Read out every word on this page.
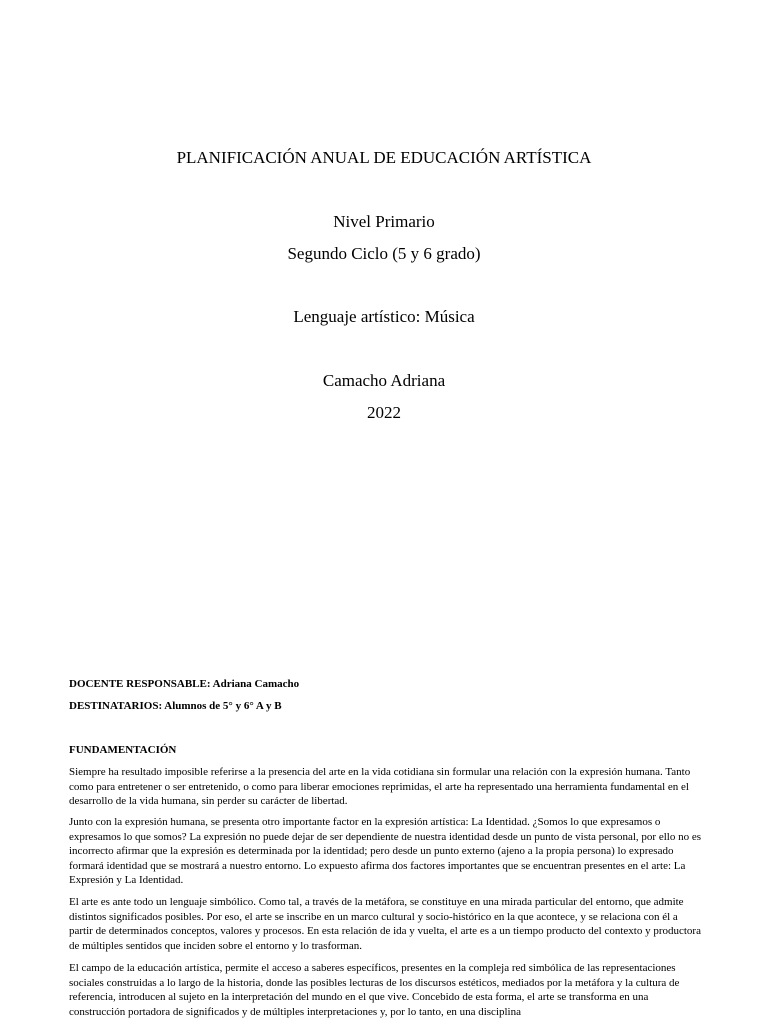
PLANIFICACIÓN ANUAL DE EDUCACIÓN ARTÍSTICA
Nivel Primario
Segundo Ciclo (5 y 6 grado)
Lenguaje artístico: Música
Camacho Adriana
2022
DOCENTE RESPONSABLE: Adriana Camacho
DESTINATARIOS: Alumnos de 5° y 6° A y B
FUNDAMENTACIÓN

Siempre ha resultado imposible referirse a la presencia del arte en la vida cotidiana sin formular una relación con la expresión humana. Tanto como para entretener o ser entretenido, o como para liberar emociones reprimidas, el arte ha representado una herramienta fundamental en el desarrollo de la vida humana, sin perder su carácter de libertad.

Junto con la expresión humana, se presenta otro importante factor en la expresión artística: La Identidad. ¿Somos lo que expresamos o expresamos lo que somos? La expresión no puede dejar de ser dependiente de nuestra identidad desde un punto de vista personal, por ello no es incorrecto afirmar que la expresión es determinada por la identidad; pero desde un punto externo (ajeno a la propia persona) lo expresado formará identidad que se mostrará a nuestro entorno. Lo expuesto afirma dos factores importantes que se encuentran presentes en el arte: La Expresión y La Identidad.

El arte es ante todo un lenguaje simbólico. Como tal, a través de la metáfora, se constituye en una mirada particular del entorno, que admite distintos significados posibles. Por eso, el arte se inscribe en un marco cultural y socio-histórico en la que acontece, y se relaciona con él a partir de determinados conceptos, valores y procesos. En esta relación de ida y vuelta, el arte es a un tiempo producto del contexto y productora de múltiples sentidos que inciden sobre el entorno y lo trasforman.

El campo de la educación artística, permite el acceso a saberes específicos, presentes en la compleja red simbólica de las representaciones sociales construidas a lo largo de la historia, donde las posibles lecturas de los discursos estéticos, mediados por la metáfora y la cultura de referencia, introducen al sujeto en la interpretación del mundo en el que vive. Concebido de esta forma, el arte se transforma en una construcción portadora de significados y de múltiples interpretaciones y, por lo tanto, en una disciplina
